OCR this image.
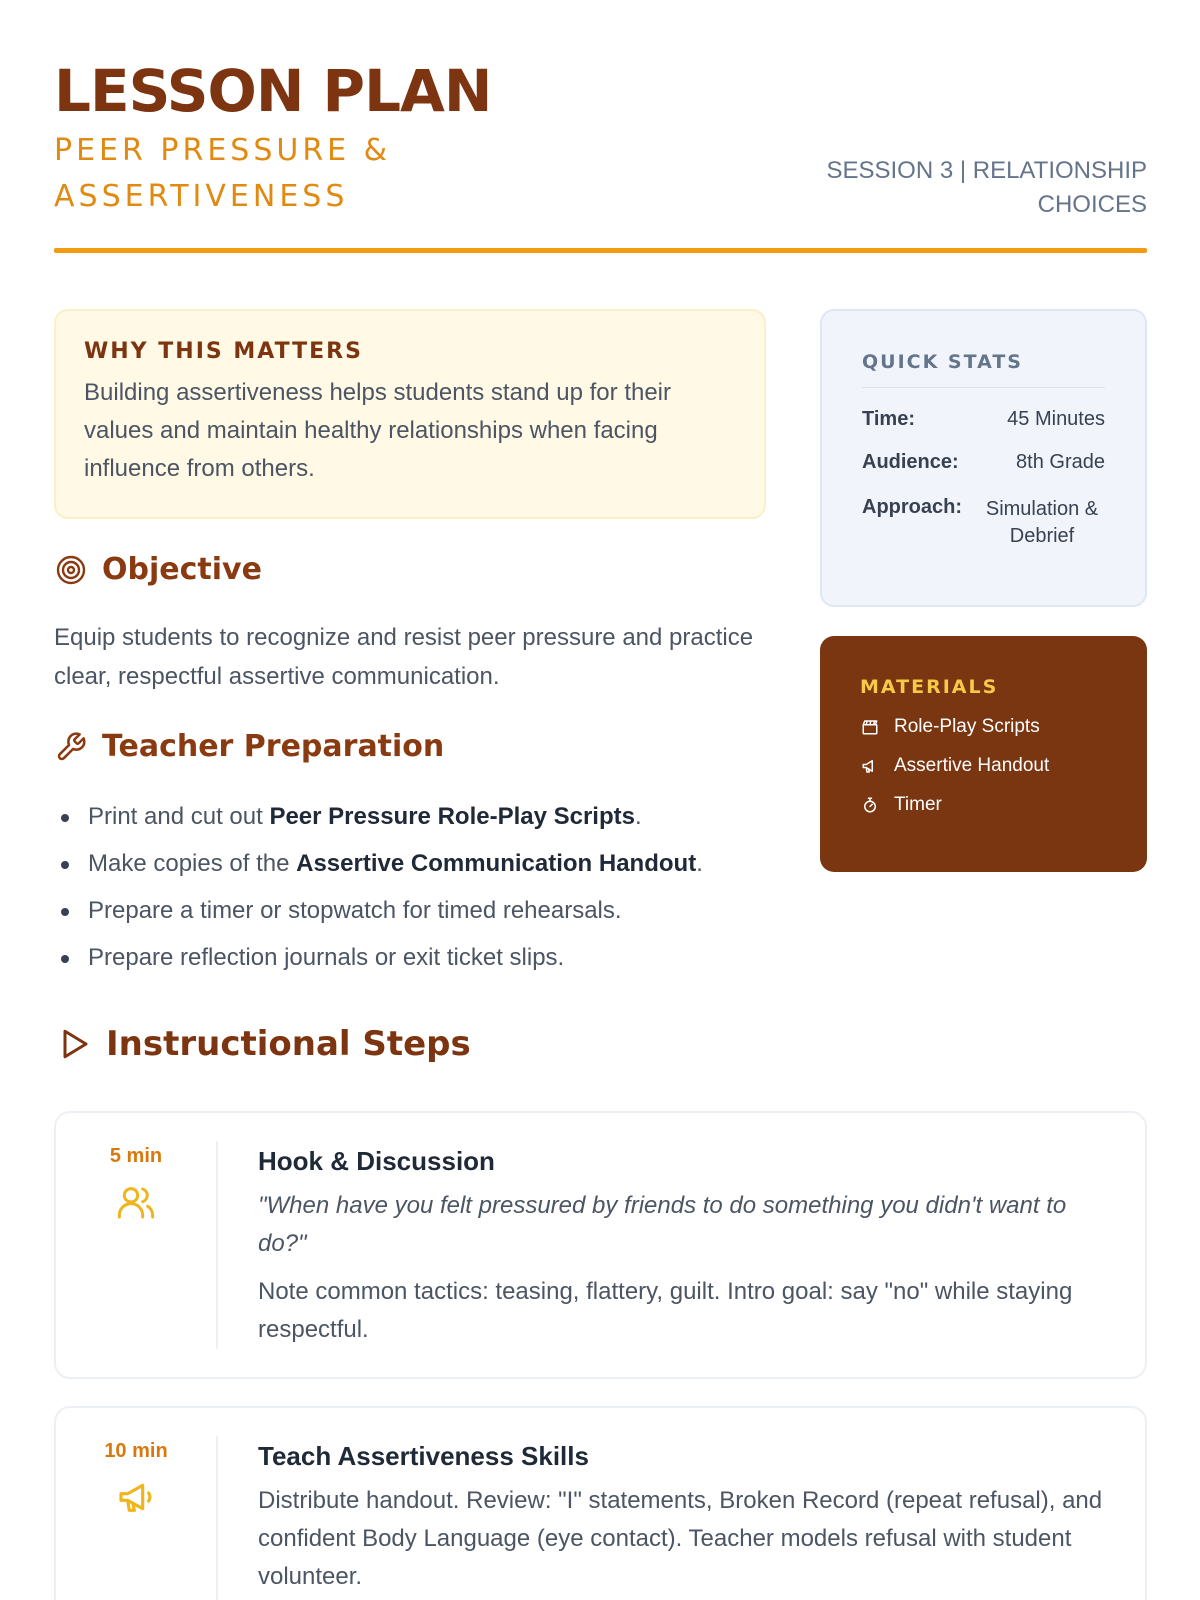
LESSON PLAN
PEER PRESSURE & ASSERTIVENESS
SESSION 3 | RELATIONSHIP CHOICES
WHY THIS MATTERS
Building assertiveness helps students stand up for their values and maintain healthy relationships when facing influence from others.
Objective
Equip students to recognize and resist peer pressure and practice clear, respectful assertive communication.
Teacher Preparation
Print and cut out Peer Pressure Role-Play Scripts.
Make copies of the Assertive Communication Handout.
Prepare a timer or stopwatch for timed rehearsals.
Prepare reflection journals or exit ticket slips.
QUICK STATS
Time:	45 Minutes
Audience:	8th Grade
Approach:	Simulation & Debrief
MATERIALS
Role-Play Scripts
Assertive Handout
Timer
Instructional Steps
5 min	Hook & Discussion
"When have you felt pressured by friends to do something you didn't want to do?"
Note common tactics: teasing, flattery, guilt. Intro goal: say "no" while staying respectful.
10 min	Teach Assertiveness Skills
Distribute handout. Review: "I" statements, Broken Record (repeat refusal), and confident Body Language (eye contact). Teacher models refusal with student volunteer.
